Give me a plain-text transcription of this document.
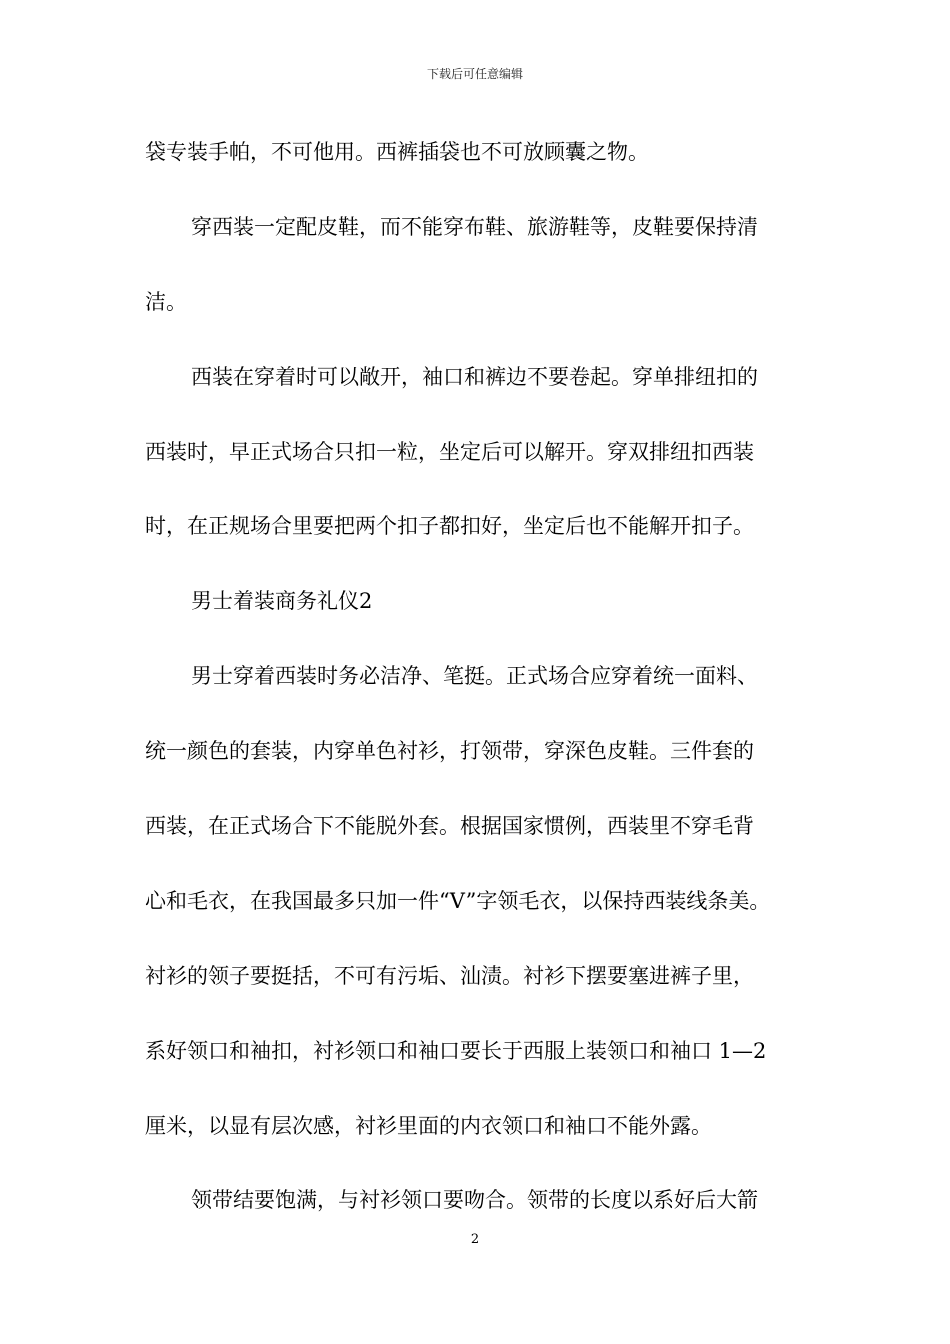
下载后可任意编辑
袋专装手帕，不可他用。西裤插袋也不可放顾囊之物。
穿西装一定配皮鞋，而不能穿布鞋、旅游鞋等，皮鞋要保持清
洁。
西装在穿着时可以敞开，袖口和裤边不要卷起。穿单排纽扣的
西装时，早正式场合只扣一粒，坐定后可以解开。穿双排纽扣西装
时，在正规场合里要把两个扣子都扣好，坐定后也不能解开扣子。
男士着装商务礼仪2
男士穿着西装时务必洁净、笔挺。正式场合应穿着统一面料、
统一颜色的套装，内穿单色衬衫，打领带，穿深色皮鞋。三件套的
西装，在正式场合下不能脱外套。根据国家惯例，西装里不穿毛背
心和毛衣，在我国最多只加一件“V”字领毛衣，以保持西装线条美。
衬衫的领子要挺括，不可有污垢、汕渍。衬衫下摆要塞进裤子里，
系好领口和袖扣，衬衫领口和袖口要长于西服上装领口和袖口 1—2
厘米，以显有层次感，衬衫里面的内衣领口和袖口不能外露。
领带结要饱满，与衬衫领口要吻合。领带的长度以系好后大箭
2
